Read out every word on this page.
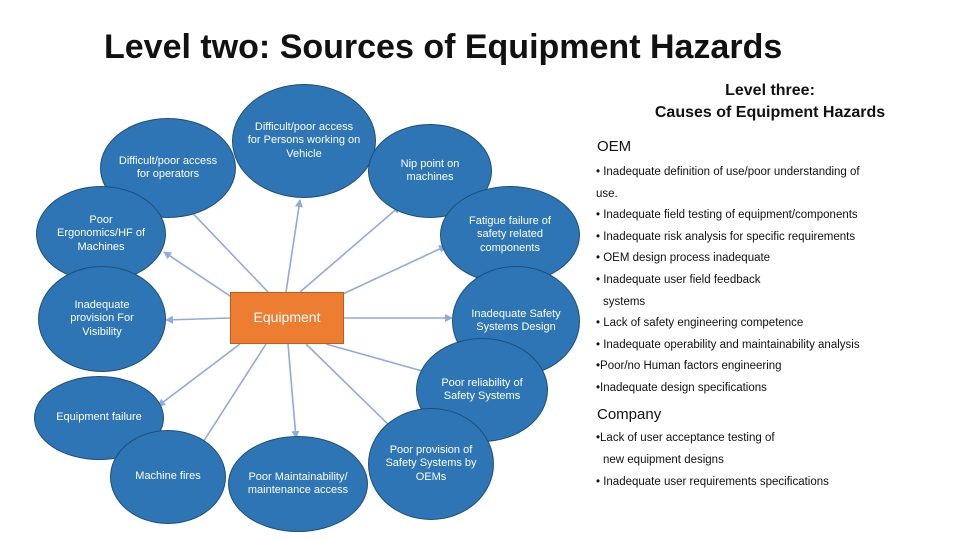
Level two: Sources of Equipment Hazards
Level three:
Causes of Equipment Hazards
Equipment
Difficult/poor access for operators
Difficult/poor access for Persons working on Vehicle
Nip point on machines
Poor Ergonomics/HF of Machines
Fatigue failure of safety related components
Inadequate provision For Visibility
Inadequate Safety Systems Design
Poor reliability of Safety Systems
Equipment failure
Machine fires	Poor Maintainability/ maintenance access
Poor provision of Safety Systems by OEMs
OEM
• Inadequate definition of use/poor understanding of
use.
• Inadequate field testing of equipment/components
• Inadequate risk analysis for specific requirements
• OEM design process inadequate
• Inadequate user field feedback
systems
• Lack of safety engineering competence
• Inadequate operability and maintainability analysis
•Poor/no Human factors engineering
•Inadequate design specifications
Company
•Lack of user acceptance testing of
new equipment designs
• Inadequate user requirements specifications
